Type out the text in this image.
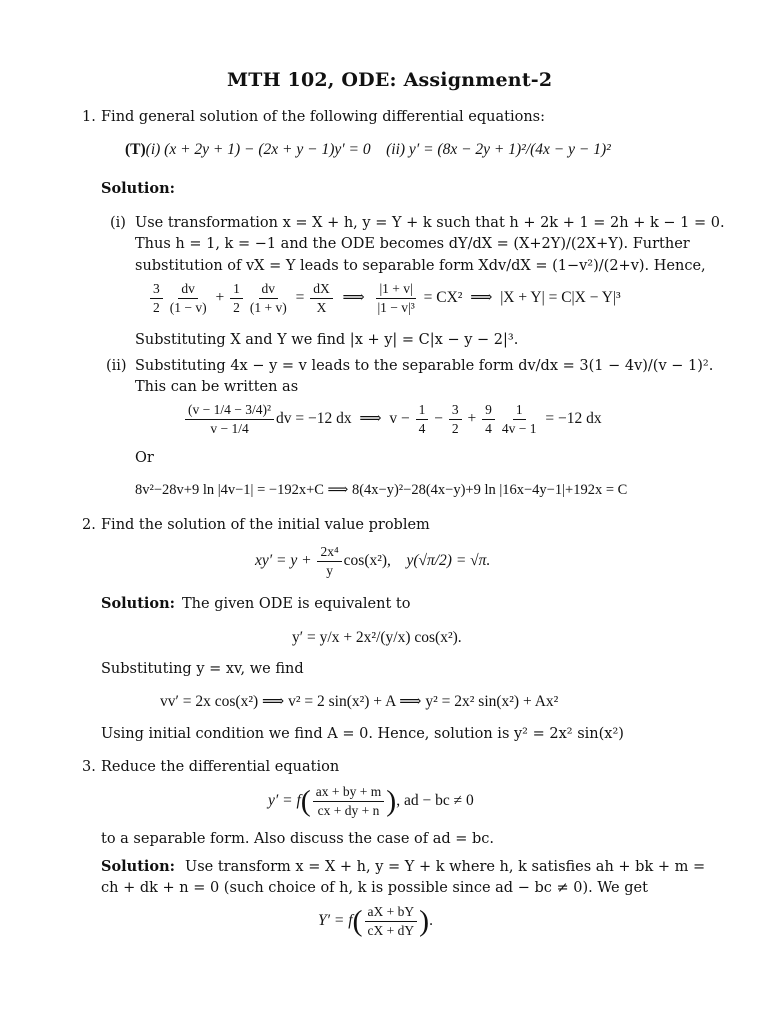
MTH 102, ODE: Assignment-2
1. Find general solution of the following differential equations:
(T)(i) (x + 2y + 1) − (2x + y − 1)y′ = 0 (ii) y′ = (8x − 2y + 1)²/(4x − y − 1)²
Solution:
(i) Use transformation x = X + h, y = Y + k such that h + 2k + 1 = 2h + k − 1 = 0.
Thus h = 1, k = −1 and the ODE becomes dY/dX = (X+2Y)/(2X+Y). Further
substitution of vX = Y leads to separable form Xdv/dX = (1−v²)/(2+v). Hence,
$\frac{3}{2} \frac{dv}{(1 - v)} + \frac{1}{2} \frac{dv}{(1 + v)} = \frac{dX}{X}$ ⟹ $\frac{|1 + v|}{\text{|1 − v|³}} = CX^2$ ⟹ |X + Y| = C|X − Y|³
Substituting X and Y we find |x + y| = C|x − y − 2|³.
(ii) Substituting 4x − y = v leads to the separable form dv/dx = 3(1 − 4v)/(v − 1)².
This can be written as
$\frac{\text{(v − 1/4 − 3/4)²}}{v - 1/4}$ dv = −12 dx ⟹ $v - \frac{1}{4} - \frac{3}{2} + \frac{9}{4} \frac{1}{4v - 1} = -12$ dx
Or
8v²−28v+9 ln |4v−1| = −192x+C ⟹ 8(4x−y)²−28(4x−y)+9 ln |16x−4y−1|+192x = C
2. Find the solution of the initial value problem
$xy' = y + \frac{\text{2x⁴}}{y} \cos(x^2)$, y(√π/2) = √π.
Solution: The given ODE is equivalent to
y′ = y/x + 2x²/(y/x) cos(x²).
Substituting y = xv, we find
vv′ = 2x cos(x²) ⟹ v² = 2 sin(x²) + A ⟹ y² = 2x² sin(x²) + Ax²
Using initial condition we find A = 0. Hence, solution is y² = 2x² sin(x²)
3. Reduce the differential equation
$y' = f( \frac{ax + by + m}{cx + dy + n}$ ), ad − bc ≠ 0
to a separable form. Also discuss the case of ad = bc.
Solution: Use transform x = X + h, y = Y + k where h, k satisfies ah + bk + m =
ch + dk + n = 0 (such choice of h, k is possible since ad − bc ≠ 0). We get
$Y' = f( \frac{aX + bY}{cX + dY}$ ).
